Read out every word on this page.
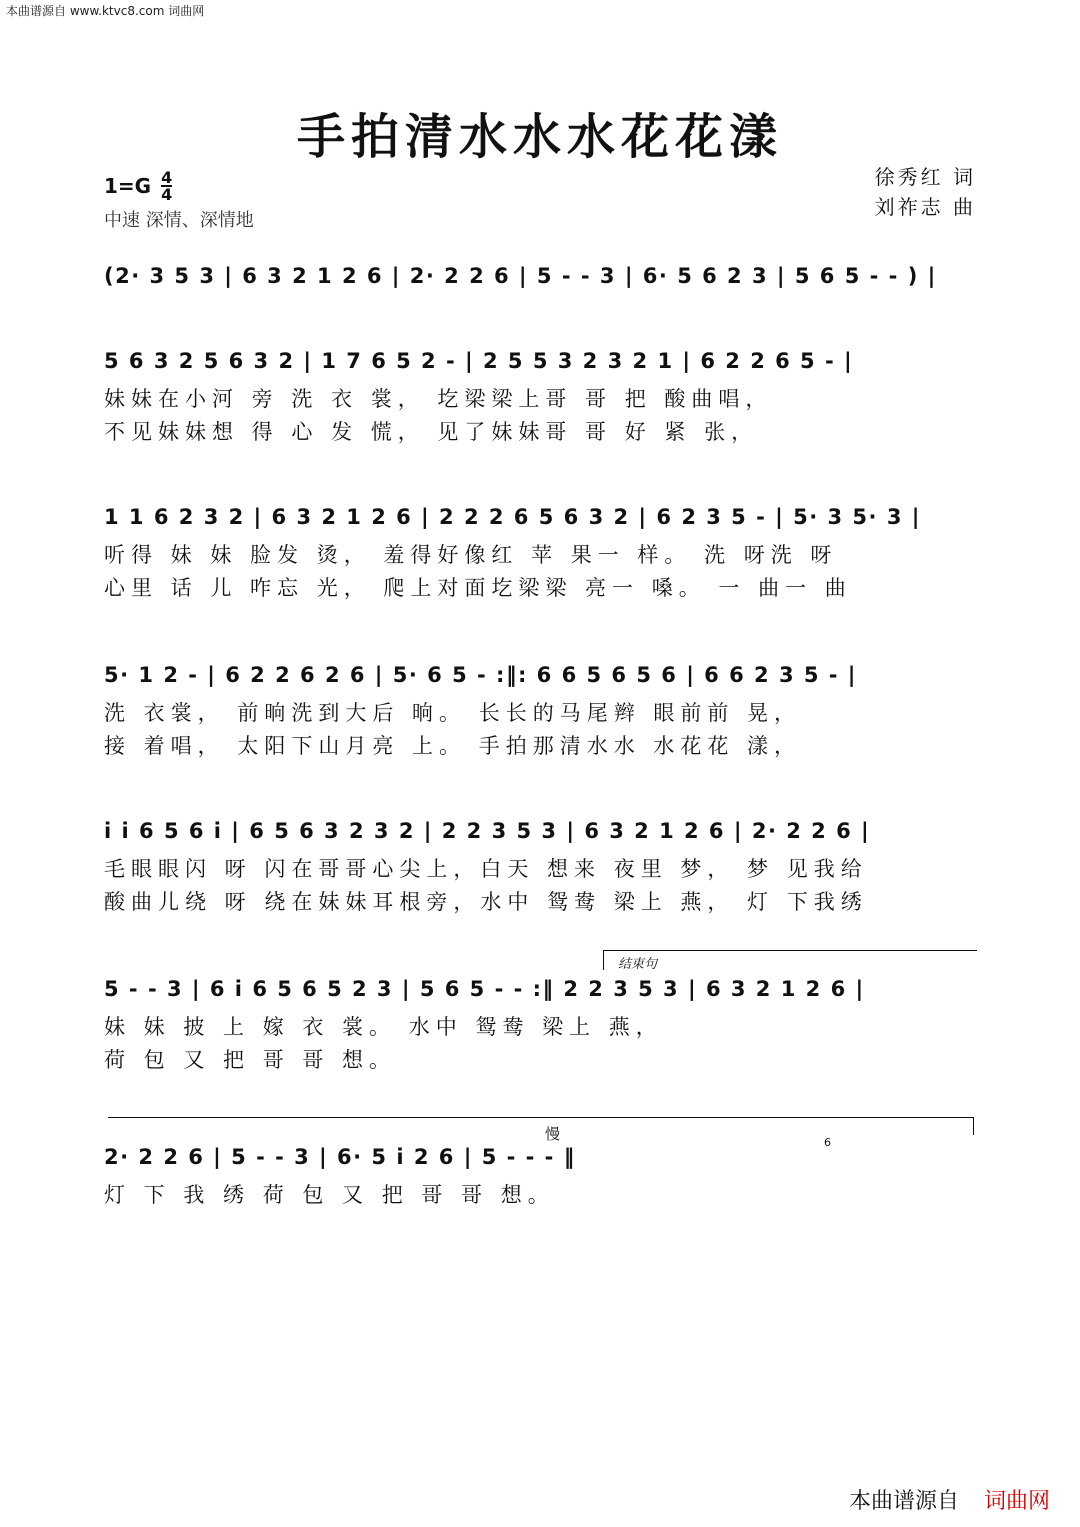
本曲谱源自 www.ktvc8.com 词曲网
手拍清水水水花花漾
$1=G \frac{4}{4}$
中速 深情、深情地
徐秀红 词
刘祚志 曲
(2· 3 5 3 | 6 3 2 1 2 6 | 2· 2 2 6 | 5 - - 3 | 6· 5 6 2 3 | 5 6 5 - - ) |
5 6 3 2 5 6 3 2 | 1 7 6 5 2 - | 2 5 5 3 2 3 2 1 | 6 2 2 6 5 - |
妹妹在小河 旁 洗 衣 裳， 圪梁梁上哥 哥 把 酸曲唱，
不见妹妹想 得 心 发 慌， 见了妹妹哥 哥 好 紧 张，
1 1 6 2 3 2 | 6 3 2 1 2 6 | 2 2 2 6 5 6 3 2 | 6 2 3 5 - | 5· 3 5· 3 |
听得 妹 妹 脸发 烫， 羞得好像红 苹 果一 样。 洗 呀洗 呀
心里 话 儿 咋忘 光， 爬上对面圪梁梁 亮一 嗓。 一 曲一 曲
5· 1 2 - | 6 2 2 6 2 6 | 5· 6 5 - :‖: 6 6 5 6 5 6 | 6 6 2 3 5 - |
洗 衣裳， 前晌洗到大后 晌。 长长的马尾辫 眼前前 晃，
接 着唱， 太阳下山月亮 上。 手拍那清水水 水花花 漾，
i i 6 5 6 i | 6 5 6 3 2 3 2 | 2 2 3 5 3 | 6 3 2 1 2 6 | 2· 2 2 6 |
毛眼眼闪 呀 闪在哥哥心尖上，白天 想来 夜里 梦， 梦 见我给
酸曲儿绕 呀 绕在妹妹耳根旁，水中 鸳鸯 梁上 燕， 灯 下我绣
结束句
5 - - 3 | 6 i 6 5 6 5 2 3 | 5 6 5 - - :‖ 2 2 3 5 3 | 6 3 2 1 2 6 |
妹 妹 披 上 嫁 衣 裳。 水中 鸳鸯 梁上 燕，
荷 包 又 把 哥 哥 想。
慢	6
2· 2 2 6 | 5 - - 3 | 6· 5 i 2 6 | 5 - - - ‖
灯 下 我 绣 荷 包 又 把 哥 哥 想。
本曲谱源自 词曲网
